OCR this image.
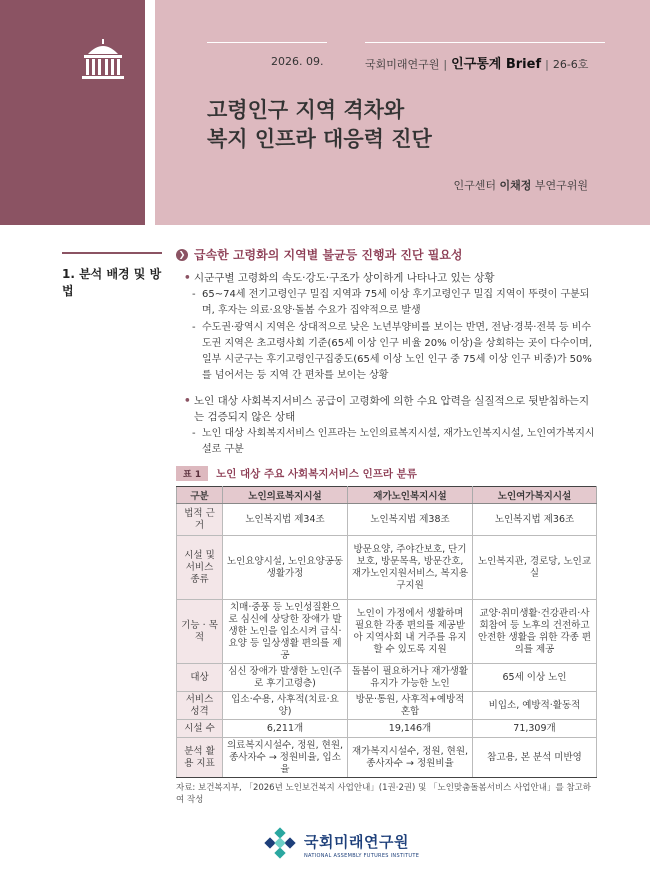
2026. 09.	국회미래연구원 | 인구통계 Brief | 26-6호
고령인구 지역 격차와
복지 인프라 대응력 진단
인구센터 이채정 부연구위원
1. 분석 배경 및 방법
❯ 급속한 고령화의 지역별 불균등 진행과 진단 필요성
• 시군구별 고령화의 속도·강도·구조가 상이하게 나타나고 있는 상황
- 65~74세 전기고령인구 밀집 지역과 75세 이상 후기고령인구 밀집 지역이 뚜렷이 구분되며, 후자는 의료·요양·돌봄 수요가 집약적으로 발생
- 수도권·광역시 지역은 상대적으로 낮은 노년부양비를 보이는 반면, 전남·경북·전북 등 비수도권 지역은 초고령사회 기준(65세 이상 인구 비율 20% 이상)을 상회하는 곳이 다수이며, 일부 시군구는 후기고령인구집중도(65세 이상 노인 인구 중 75세 이상 인구 비중)가 50%를 넘어서는 등 지역 간 편차를 보이는 상황
• 노인 대상 사회복지서비스 공급이 고령화에 의한 수요 압력을 실질적으로 뒷받침하는지는 검증되지 않은 상태
- 노인 대상 사회복지서비스 인프라는 노인의료복지시설, 재가노인복지시설, 노인여가복지시설로 구분
표 1	노인 대상 주요 사회복지서비스 인프라 분류
구분	노인의료복지시설	재가노인복지시설	노인여가복지시설
법적 근거	노인복지법 제34조	노인복지법 제38조	노인복지법 제36조
시설 및 서비스 종류	노인요양시설, 노인요양공동생활가정	방문요양, 주야간보호, 단기보호, 방문목욕, 방문간호, 재가노인지원서비스, 복지용구지원	노인복지관, 경로당, 노인교실
기능 · 목적	치매·중풍 등 노인성질환으로 심신에 상당한 장애가 발생한 노인을 입소시켜 급식·요양 등 일상생활 편의를 제공	노인이 가정에서 생활하며 필요한 각종 편의를 제공받아 지역사회 내 거주를 유지할 수 있도록 지원	교양·취미생활·건강관리·사회참여 등 노후의 건전하고 안전한 생활을 위한 각종 편의를 제공
대상	심신 장애가 발생한 노인(주로 후기고령층)	돌봄이 필요하거나 재가생활 유지가 가능한 노인	65세 이상 노인
서비스 성격	입소·수용, 사후적(치료·요양)	방문·통원, 사후적+예방적 혼합	비입소, 예방적·활동적
시설 수	6,211개	19,146개	71,309개
분석 활용 지표	의료복지시설수, 정원, 현원, 종사자수 → 정원비율, 입소율	재가복지시설수, 정원, 현원, 종사자수 → 정원비율	참고용, 본 분석 미반영
자료: 보건복지부, 「2026년 노인보건복지 사업안내」(1권·2권) 및 「노인맞춤돌봄서비스 사업안내」를 참고하여 작성
국회미래연구원
NATIONAL ASSEMBLY FUTURES INSTITUTE
